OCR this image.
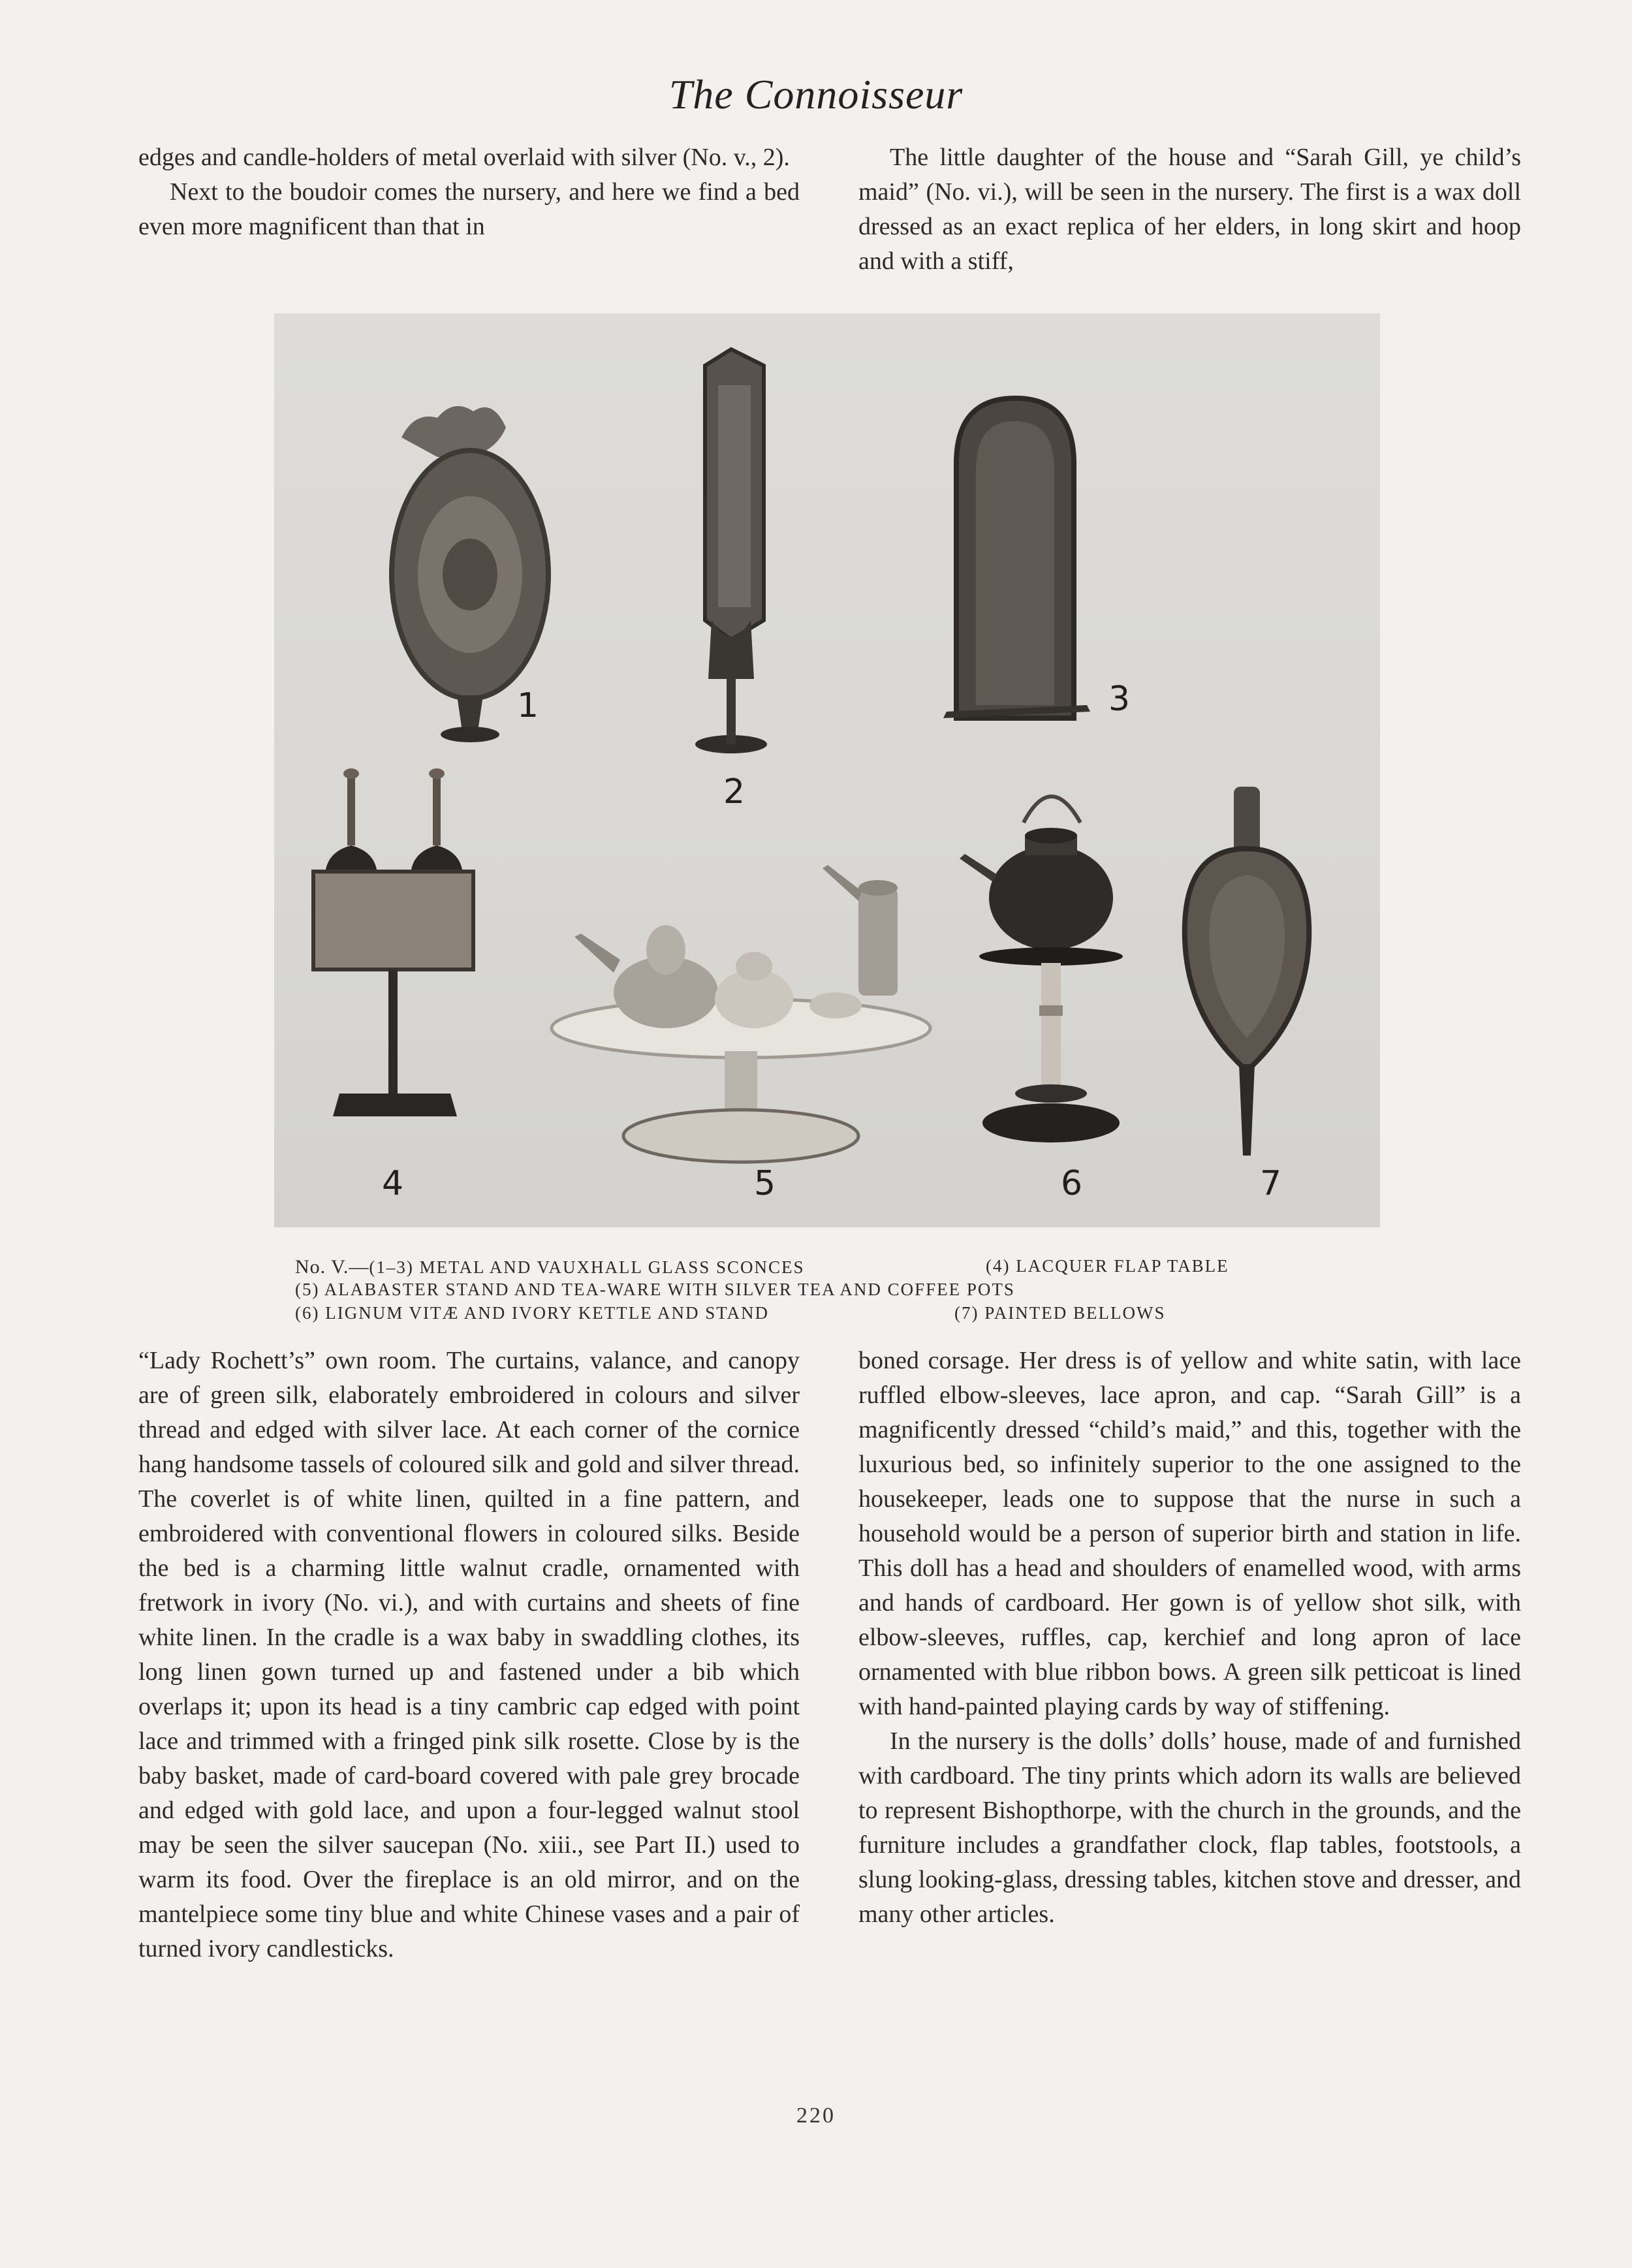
The Connoisseur

edges and candle-holders of metal overlaid with silver (No. v., 2).

Next to the boudoir comes the nursery, and here we find a bed even more magnificent than that in

The little daughter of the house and “Sarah Gill, ye child’s maid” (No. vi.), will be seen in the nursery. The first is a wax doll dressed as an exact replica of her elders, in long skirt and hoop and with a stiff,

1
2
3
4	5	6	7
No. V.—(1–3) METAL AND VAUXHALL GLASS SCONCES	(4) LACQUER FLAP TABLE
(5) ALABASTER STAND AND TEA-WARE WITH SILVER TEA AND COFFEE POTS
(6) LIGNUM VITÆ AND IVORY KETTLE AND STAND	(7) PAINTED BELLOWS

“Lady Rochett’s” own room. The curtains, valance, and canopy are of green silk, elaborately embroidered in colours and silver thread and edged with silver lace. At each corner of the cornice hang handsome tassels of coloured silk and gold and silver thread. The coverlet is of white linen, quilted in a fine pattern, and embroidered with conventional flowers in coloured silks. Beside the bed is a charming little walnut cradle, ornamented with fretwork in ivory (No. vi.), and with curtains and sheets of fine white linen. In the cradle is a wax baby in swaddling clothes, its long linen gown turned up and fastened under a bib which overlaps it; upon its head is a tiny cambric cap edged with point lace and trimmed with a fringed pink silk rosette. Close by is the baby basket, made of card-board covered with pale grey brocade and edged with gold lace, and upon a four-legged walnut stool may be seen the silver saucepan (No. xiii., see Part II.) used to warm its food. Over the fireplace is an old mirror, and on the mantelpiece some tiny blue and white Chinese vases and a pair of turned ivory candlesticks.

boned corsage. Her dress is of yellow and white satin, with lace ruffled elbow-sleeves, lace apron, and cap. “Sarah Gill” is a magnificently dressed “child’s maid,” and this, together with the luxurious bed, so infinitely superior to the one assigned to the housekeeper, leads one to suppose that the nurse in such a household would be a person of superior birth and station in life. This doll has a head and shoulders of enamelled wood, with arms and hands of cardboard. Her gown is of yellow shot silk, with elbow-sleeves, ruffles, cap, kerchief and long apron of lace ornamented with blue ribbon bows. A green silk petticoat is lined with hand-painted playing cards by way of stiffening.

In the nursery is the dolls’ dolls’ house, made of and furnished with cardboard. The tiny prints which adorn its walls are believed to represent Bishopthorpe, with the church in the grounds, and the furniture includes a grandfather clock, flap tables, footstools, a slung looking-glass, dressing tables, kitchen stove and dresser, and many other articles.

220
